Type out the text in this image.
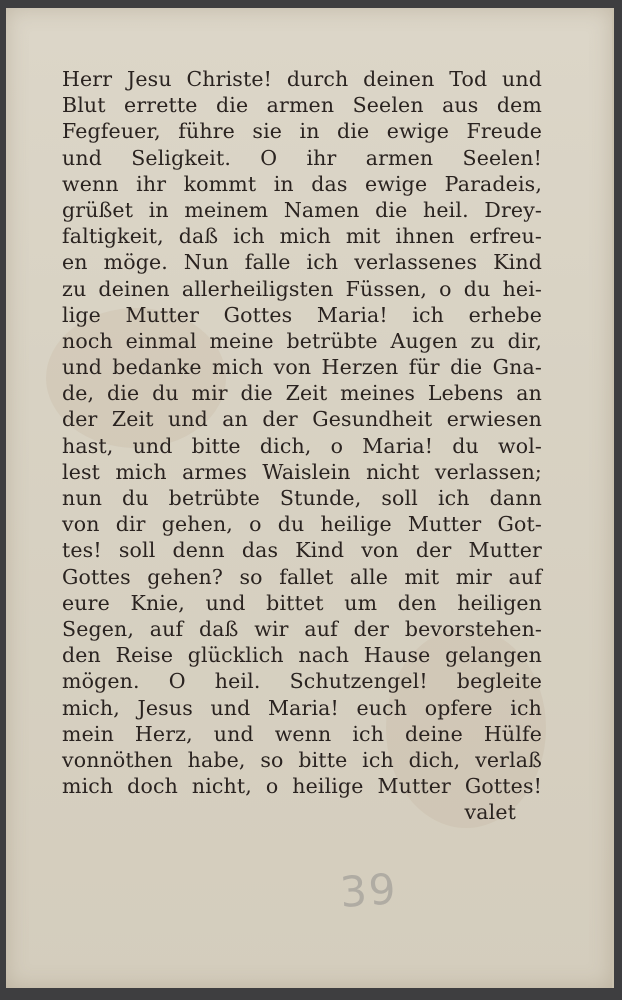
Herr Jesu Christe! durch deinen Tod und
Blut errette die armen Seelen aus dem
Fegfeuer, führe sie in die ewige Freude
und Seligkeit. O ihr armen Seelen!
wenn ihr kommt in das ewige Paradeis,
grüßet in meinem Namen die heil. Drey-
faltigkeit, daß ich mich mit ihnen erfreu-
en möge. Nun falle ich verlassenes Kind
zu deinen allerheiligsten Füssen, o du hei-
lige Mutter Gottes Maria! ich erhebe
noch einmal meine betrübte Augen zu dir,
und bedanke mich von Herzen für die Gna-
de, die du mir die Zeit meines Lebens an
der Zeit und an der Gesundheit erwiesen
hast, und bitte dich, o Maria! du wol-
lest mich armes Waislein nicht verlassen;
nun du betrübte Stunde, soll ich dann
von dir gehen, o du heilige Mutter Got-
tes! soll denn das Kind von der Mutter
Gottes gehen? so fallet alle mit mir auf
eure Knie, und bittet um den heiligen
Segen, auf daß wir auf der bevorstehen-
den Reise glücklich nach Hause gelangen
mögen. O heil. Schutzengel! begleite
mich, Jesus und Maria! euch opfere ich
mein Herz, und wenn ich deine Hülfe
vonnöthen habe, so bitte ich dich, verlaß
mich doch nicht, o heilige Mutter Gottes!
valet
39
